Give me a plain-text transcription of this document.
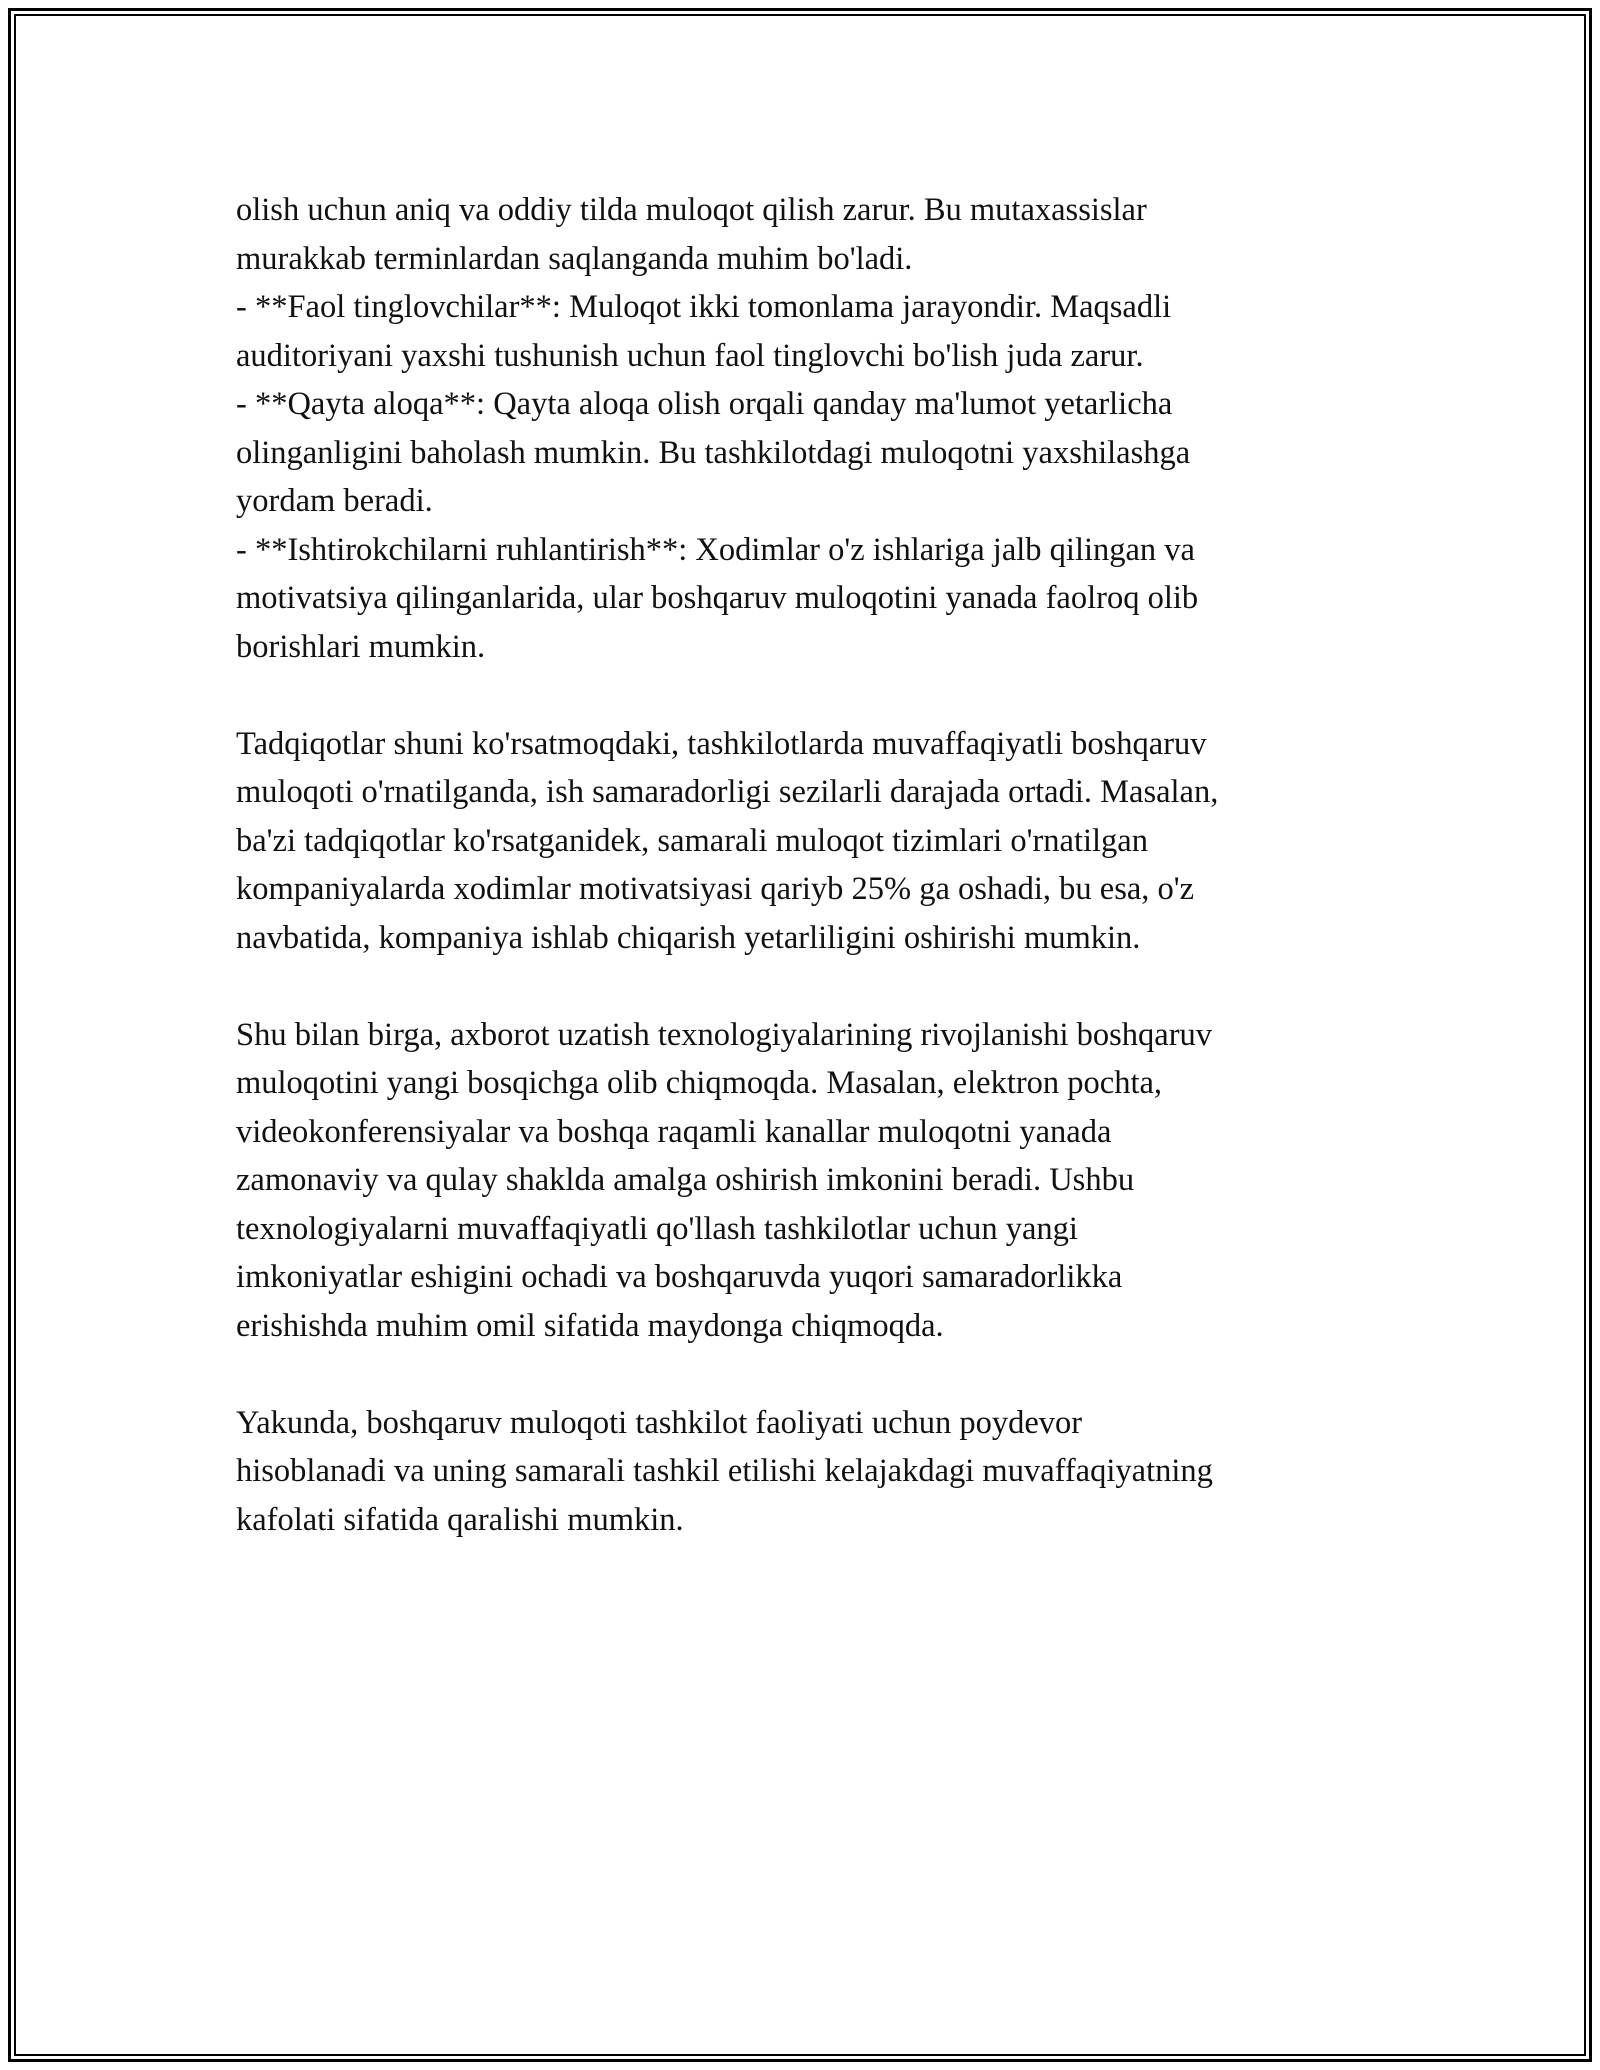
olish uchun aniq va oddiy tilda muloqot qilish zarur. Bu mutaxassislar

murakkab terminlardan saqlanganda muhim bo'ladi.

- **Faol tinglovchilar**: Muloqot ikki tomonlama jarayondir. Maqsadli

auditoriyani yaxshi tushunish uchun faol tinglovchi bo'lish juda zarur.

- **Qayta aloqa**: Qayta aloqa olish orqali qanday ma'lumot yetarlicha

olinganligini baholash mumkin. Bu tashkilotdagi muloqotni yaxshilashga

yordam beradi.

- **Ishtirokchilarni ruhlantirish**: Xodimlar o'z ishlariga jalb qilingan va

motivatsiya qilinganlarida, ular boshqaruv muloqotini yanada faolroq olib

borishlari mumkin.

Tadqiqotlar shuni ko'rsatmoqdaki, tashkilotlarda muvaffaqiyatli boshqaruv

muloqoti o'rnatilganda, ish samaradorligi sezilarli darajada ortadi. Masalan,

ba'zi tadqiqotlar ko'rsatganidek, samarali muloqot tizimlari o'rnatilgan

kompaniyalarda xodimlar motivatsiyasi qariyb 25% ga oshadi, bu esa, o'z

navbatida, kompaniya ishlab chiqarish yetarliligini oshirishi mumkin.

Shu bilan birga, axborot uzatish texnologiyalarining rivojlanishi boshqaruv

muloqotini yangi bosqichga olib chiqmoqda. Masalan, elektron pochta,

videokonferensiyalar va boshqa raqamli kanallar muloqotni yanada

zamonaviy va qulay shaklda amalga oshirish imkonini beradi. Ushbu

texnologiyalarni muvaffaqiyatli qo'llash tashkilotlar uchun yangi

imkoniyatlar eshigini ochadi va boshqaruvda yuqori samaradorlikka

erishishda muhim omil sifatida maydonga chiqmoqda.

Yakunda, boshqaruv muloqoti tashkilot faoliyati uchun poydevor

hisoblanadi va uning samarali tashkil etilishi kelajakdagi muvaffaqiyatning

kafolati sifatida qaralishi mumkin.
